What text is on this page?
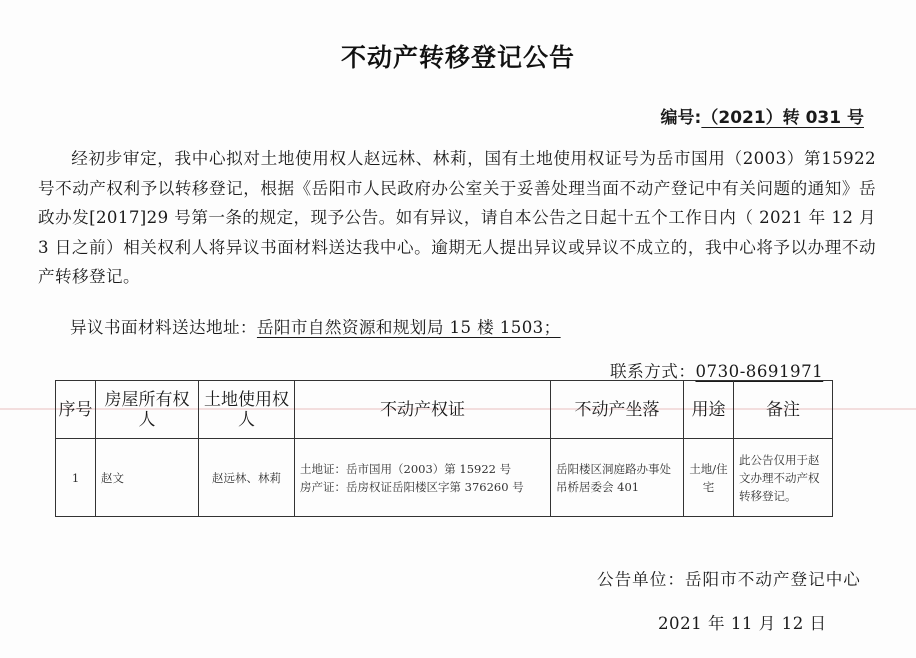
不动产转移登记公告
编号:（2021）转 031 号

经初步审定，我中心拟对土地使用权人赵远林、林莉，国有土地使用权证号为岳市国用（2003）第15922 号不动产权利予以转移登记，根据《岳阳市人民政府办公室关于妥善处理当面不动产登记中有关问题的通知》岳政办发[2017]29 号第一条的规定，现予公告。如有异议，请自本公告之日起十五个工作日内（ 2021 年 12 月 3 日之前）相关权利人将异议书面材料送达我中心。逾期无人提出异议或异议不成立的，我中心将予以办理不动产转移登记。

异议书面材料送达地址：岳阳市自然资源和规划局 15 楼 1503；
联系方式：0730-8691971
序号	房屋所有权人	土地使用权人	不动产权证	不动产坐落	用途	备注
1	赵文	赵远林、林莉	土地证：岳市国用（2003）第 15922 号
房产证：岳房权证岳阳楼区字第 376260 号	岳阳楼区洞庭路办事处吊桥居委会 401	土地/住宅	此公告仅用于赵文办理不动产权转移登记。
公告单位：岳阳市不动产登记中心
2021 年 11 月 12 日
